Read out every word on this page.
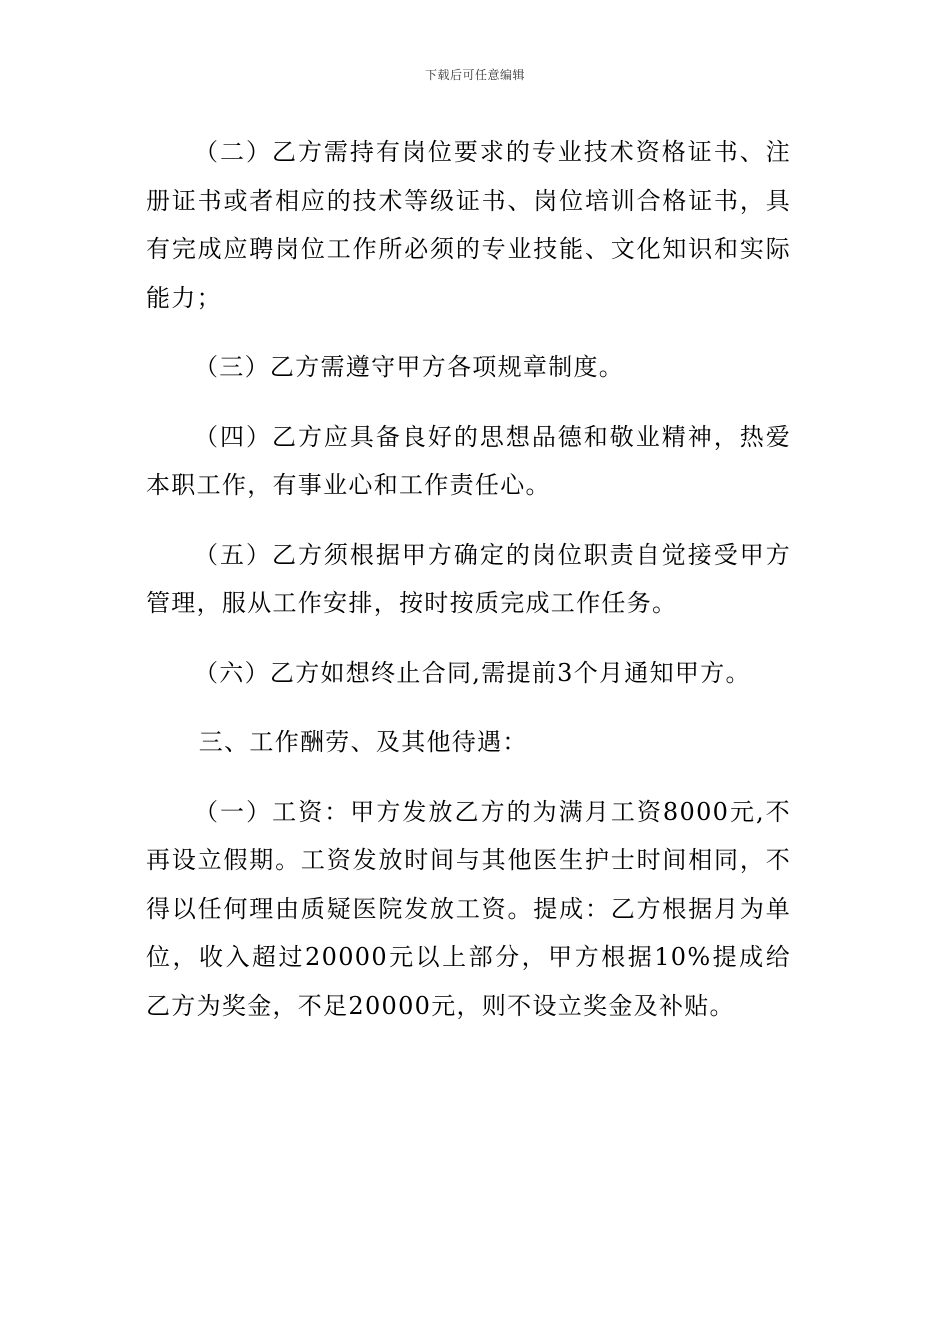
下载后可任意编辑

（二）乙方需持有岗位要求的专业技术资格证书、注册证书或者相应的技术等级证书、岗位培训合格证书，具有完成应聘岗位工作所必须的专业技能、文化知识和实际能力；

（三）乙方需遵守甲方各项规章制度。

（四）乙方应具备良好的思想品德和敬业精神，热爱本职工作，有事业心和工作责任心。

（五）乙方须根据甲方确定的岗位职责自觉接受甲方管理，服从工作安排，按时按质完成工作任务。

（六）乙方如想终止合同,需提前3个月通知甲方。

三、工作酬劳、及其他待遇：

（一）工资：甲方发放乙方的为满月工资8000元,不再设立假期。工资发放时间与其他医生护士时间相同，不得以任何理由质疑医院发放工资。提成：乙方根据月为单位，收入超过20000元以上部分，甲方根据10%提成给乙方为奖金，不足20000元，则不设立奖金及补贴。
